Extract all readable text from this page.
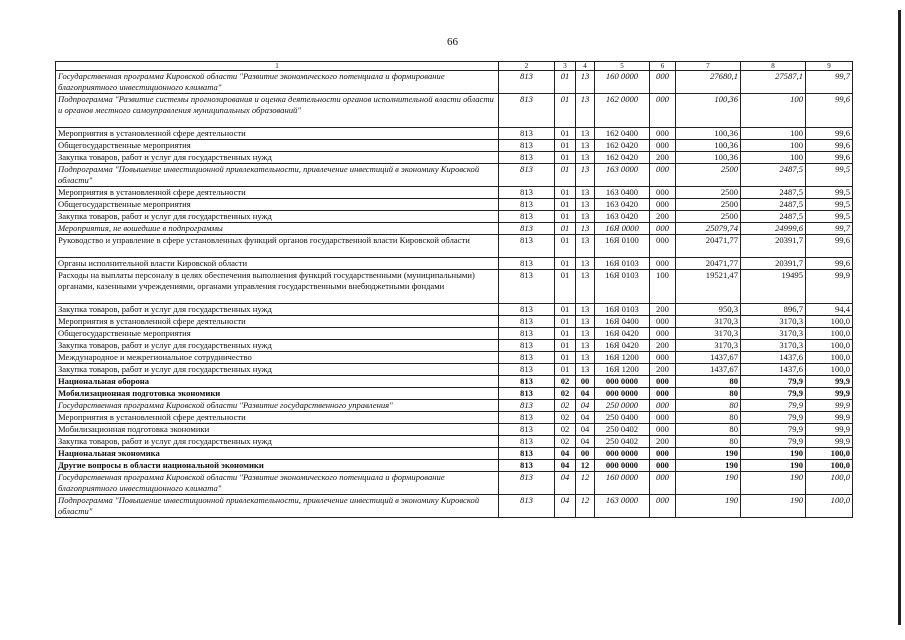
66
1	2	3	4	5	6	7	8	9
Государственная программа Кировской области "Развитие экономического потенциала и формирование благоприятного инвестиционного климата"	813	01	13	160 0000	000	27680,1	27587,1	99,7
Подпрограмма "Развитие системы прогнозирования и оценка деятельности органов исполнительной власти области и органов местного самоуправления муниципальных образований"	813	01	13	162 0000	000	100,36	100	99,6
Мероприятия в установленной сфере деятельности	813	01	13	162 0400	000	100,36	100	99,6
Общегосударственные мероприятия	813	01	13	162 0420	000	100,36	100	99,6
Закупка товаров, работ и услуг для государственных нужд	813	01	13	162 0420	200	100,36	100	99,6
Подпрограмма "Повышение инвестиционной привлекательности, привлечение инвестиций в экономику Кировской области"	813	01	13	163 0000	000	2500	2487,5	99,5
Мероприятия в установленной сфере деятельности	813	01	13	163 0400	000	2500	2487,5	99,5
Общегосударственные мероприятия	813	01	13	163 0420	000	2500	2487,5	99,5
Закупка товаров, работ и услуг для государственных нужд	813	01	13	163 0420	200	2500	2487,5	99,5
Мероприятия, не вошедшие в подпрограммы	813	01	13	16Я 0000	000	25079,74	24999,6	99,7
Руководство и управление в сфере установленных функций органов государственной власти Кировской области	813	01	13	16Я 0100	000	20471,77	20391,7	99,6
Органы исполнительной власти Кировской области	813	01	13	16Я 0103	000	20471,77	20391,7	99,6
Расходы на выплаты персоналу в целях обеспечения выполнения функций государственными (муниципальными) органами, казенными учреждениями, органами управления государственными внебюджетными фондами	813	01	13	16Я 0103	100	19521,47	19495	99,9
Закупка товаров, работ и услуг для государственных нужд	813	01	13	16Я 0103	200	950,3	896,7	94,4
Мероприятия в установленной сфере деятельности	813	01	13	16Я 0400	000	3170,3	3170,3	100,0
Общегосударственные мероприятия	813	01	13	16Я 0420	000	3170,3	3170,3	100,0
Закупка товаров, работ и услуг для государственных нужд	813	01	13	16Я 0420	200	3170,3	3170,3	100,0
Международное и межрегиональное сотрудничество	813	01	13	16Я 1200	000	1437,67	1437,6	100,0
Закупка товаров, работ и услуг для государственных нужд	813	01	13	16Я 1200	200	1437,67	1437,6	100,0
Национальная оборона	813	02	00	000 0000	000	80	79,9	99,9
Мобилизационная подготовка экономики	813	02	04	000 0000	000	80	79,9	99,9
Государственная программа Кировской области "Развитие государственного управления"	813	02	04	250 0000	000	80	79,9	99,9
Мероприятия в установленной сфере деятельности	813	02	04	250 0400	000	80	79,9	99,9
Мобилизационная подготовка экономики	813	02	04	250 0402	000	80	79,9	99,9
Закупка товаров, работ и услуг для государственных нужд	813	02	04	250 0402	200	80	79,9	99,9
Национальная экономика	813	04	00	000 0000	000	190	190	100,0
Другие вопросы в области национальной экономики	813	04	12	000 0000	000	190	190	100,0
Государственная программа Кировской области "Развитие экономического потенциала и формирование благоприятного инвестиционного климата"	813	04	12	160 0000	000	190	190	100,0
Подпрограмма "Повышение инвестиционной привлекательности, привлечение инвестиций в экономику Кировской области"	813	04	12	163 0000	000	190	190	100,0
